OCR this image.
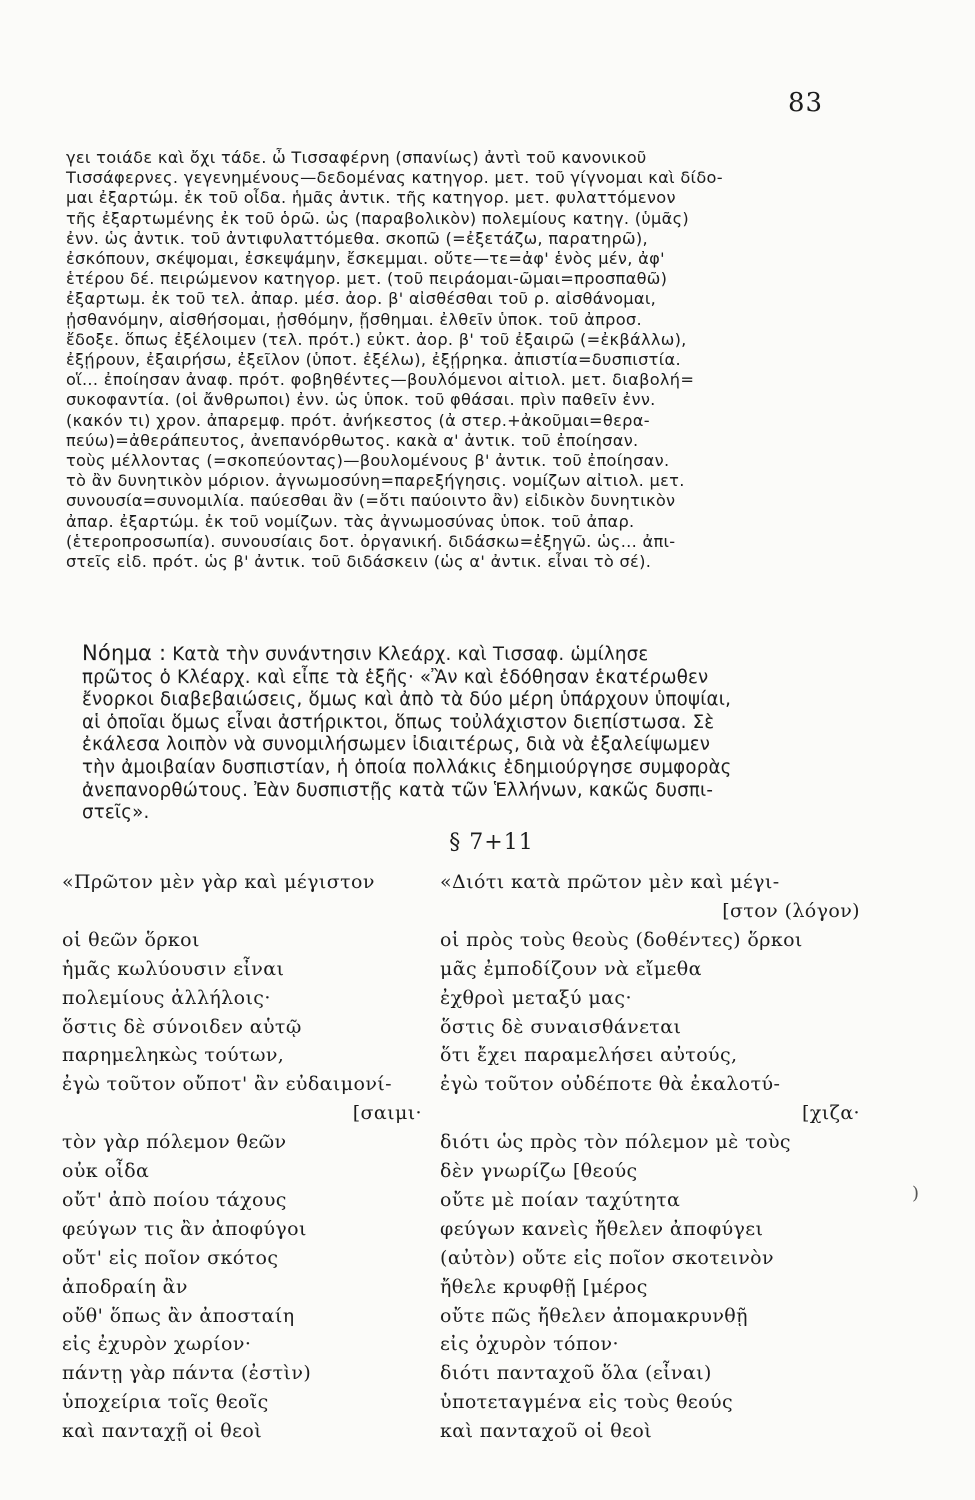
83
γει τοιάδε καὶ ὄχι τάδε. ὦ Τισσαφέρνη (σπανίως) ἀντὶ τοῦ κανονικοῦ
Τισσάφερνες. γεγενημένους—δεδομένας κατηγορ. μετ. τοῦ γίγνομαι καὶ δίδο-
μαι ἐξαρτώμ. ἐκ τοῦ οἶδα. ἡμᾶς ἀντικ. τῆς κατηγορ. μετ. φυλαττόμενον
τῆς ἐξαρτωμένης ἐκ τοῦ ὁρῶ. ὡς (παραβολικὸν) πολεμίους κατηγ. (ὑμᾶς)
ἐνν. ὡς ἀντικ. τοῦ ἀντιφυλαττόμεθα. σκοπῶ (=ἐξετάζω, παρατηρῶ),
ἐσκόπουν, σκέψομαι, ἐσκεψάμην, ἔσκεμμαι. οὔτε—τε=ἀφ' ἑνὸς μέν, ἀφ'
ἑτέρου δέ. πειρώμενον κατηγορ. μετ. (τοῦ πειράομαι-ῶμαι=προσπαθῶ)
ἐξαρτωμ. ἐκ τοῦ τελ. ἀπαρ. μέσ. ἀορ. β' αἰσθέσθαι τοῦ ρ. αἰσθάνομαι,
ᾐσθανόμην, αἰσθήσομαι, ᾐσθόμην, ᾔσθημαι. ἐλθεῖν ὑποκ. τοῦ ἀπροσ.
ἔδοξε. ὅπως ἐξέλοιμεν (τελ. πρότ.) εὐκτ. ἀορ. β' τοῦ ἐξαιρῶ (=ἐκβάλλω),
ἐξῄρουν, ἐξαιρήσω, ἐξεῖλον (ὑποτ. ἐξέλω), ἐξῄρηκα. ἀπιστία=δυσπιστία.
οἵ... ἐποίησαν ἀναφ. πρότ. φοβηθέντες—βουλόμενοι αἰτιολ. μετ. διαβολή=
συκοφαντία. (οἱ ἄνθρωποι) ἐνν. ὡς ὑποκ. τοῦ φθάσαι. πρὶν παθεῖν ἐνν.
(κακόν τι) χρον. ἀπαρεμφ. πρότ. ἀνήκεστος (ἀ στερ.+ἀκοῦμαι=θερα-
πεύω)=ἀθεράπευτος, ἀνεπανόρθωτος. κακὰ α' ἀντικ. τοῦ ἐποίησαν.
τοὺς μέλλοντας (=σκοπεύοντας)—βουλομένους β' ἀντικ. τοῦ ἐποίησαν.
τὸ ἂν δυνητικὸν μόριον. ἀγνωμοσύνη=παρεξήγησις. νομίζων αἰτιολ. μετ.
συνουσία=συνομιλία. παύεσθαι ἂν (=ὅτι παύοιντο ἂν) εἰδικὸν δυνητικὸν
ἀπαρ. ἐξαρτώμ. ἐκ τοῦ νομίζων. τὰς ἀγνωμοσύνας ὑποκ. τοῦ ἀπαρ.
(ἑτεροπροσωπία). συνουσίαις δοτ. ὀργανική. διδάσκω=ἐξηγῶ. ὡς... ἀπι-
στεῖς εἰδ. πρότ. ὡς β' ἀντικ. τοῦ διδάσκειν (ὡς α' ἀντικ. εἶναι τὸ σέ).
Νόημα : Κατὰ τὴν συνάντησιν Κλεάρχ. καὶ Τισσαφ. ὡμίλησε
πρῶτος ὁ Κλέαρχ. καὶ εἶπε τὰ ἑξῆς· «Ἂν καὶ ἐδόθησαν ἑκατέρωθεν
ἔνορκοι διαβεβαιώσεις, ὅμως καὶ ἀπὸ τὰ δύο μέρη ὑπάρχουν ὑποψίαι,
αἱ ὁποῖαι ὅμως εἶναι ἀστήρικτοι, ὅπως τοὐλάχιστον διεπίστωσα. Σὲ
ἐκάλεσα λοιπὸν νὰ συνομιλήσωμεν ἰδιαιτέρως, διὰ νὰ ἐξαλείψωμεν
τὴν ἀμοιβαίαν δυσπιστίαν, ἡ ὁποία πολλάκις ἐδημιούργησε συμφορὰς
ἀνεπανορθώτους. Ἐὰν δυσπιστῇς κατὰ τῶν Ἑλλήνων, κακῶς δυσπι-
στεῖς».
§ 7+11
«Πρῶτον μὲν γὰρ καὶ μέγιστον
οἱ θεῶν ὅρκοι
ἡμᾶς κωλύουσιν εἶναι
πολεμίους ἀλλήλοις·
ὅστις δὲ σύνοιδεν αὑτῷ
παρημεληκὼς τούτων,
ἐγὼ τοῦτον οὔποτ' ἂν εὐδαιμονί-
[σαιμι·
τὸν γὰρ πόλεμον θεῶν
οὐκ οἶδα
οὔτ' ἀπὸ ποίου τάχους
φεύγων τις ἂν ἀποφύγοι
οὔτ' εἰς ποῖον σκότος
ἀποδραίη ἂν
οὔθ' ὅπως ἂν ἀποσταίη
εἰς ἐχυρὸν χωρίον·
πάντῃ γὰρ πάντα (ἐστὶν)
ὑποχείρια τοῖς θεοῖς
καὶ πανταχῇ οἱ θεοὶ
«Διότι κατὰ πρῶτον μὲν καὶ μέγι-
[στον (λόγον)
οἱ πρὸς τοὺς θεοὺς (δοθέντες) ὅρκοι
μᾶς ἐμποδίζουν νὰ εἴμεθα
ἐχθροὶ μεταξύ μας·
ὅστις δὲ συναισθάνεται
ὅτι ἔχει παραμελήσει αὐτούς,
ἐγὼ τοῦτον οὐδέποτε θὰ ἐκαλοτύ-
[χιζα·
διότι ὡς πρὸς τὸν πόλεμον μὲ τοὺς
δὲν γνωρίζω [θεούς
οὔτε μὲ ποίαν ταχύτητα
φεύγων κανεὶς ἤθελεν ἀποφύγει
(αὐτὸν) οὔτε εἰς ποῖον σκοτεινὸν
ἤθελε κρυφθῇ [μέρος
οὔτε πῶς ἤθελεν ἀπομακρυνθῇ
εἰς ὀχυρὸν τόπον·
διότι πανταχοῦ ὅλα (εἶναι)
ὑποτεταγμένα εἰς τοὺς θεούς
καὶ πανταχοῦ οἱ θεοὶ
)
